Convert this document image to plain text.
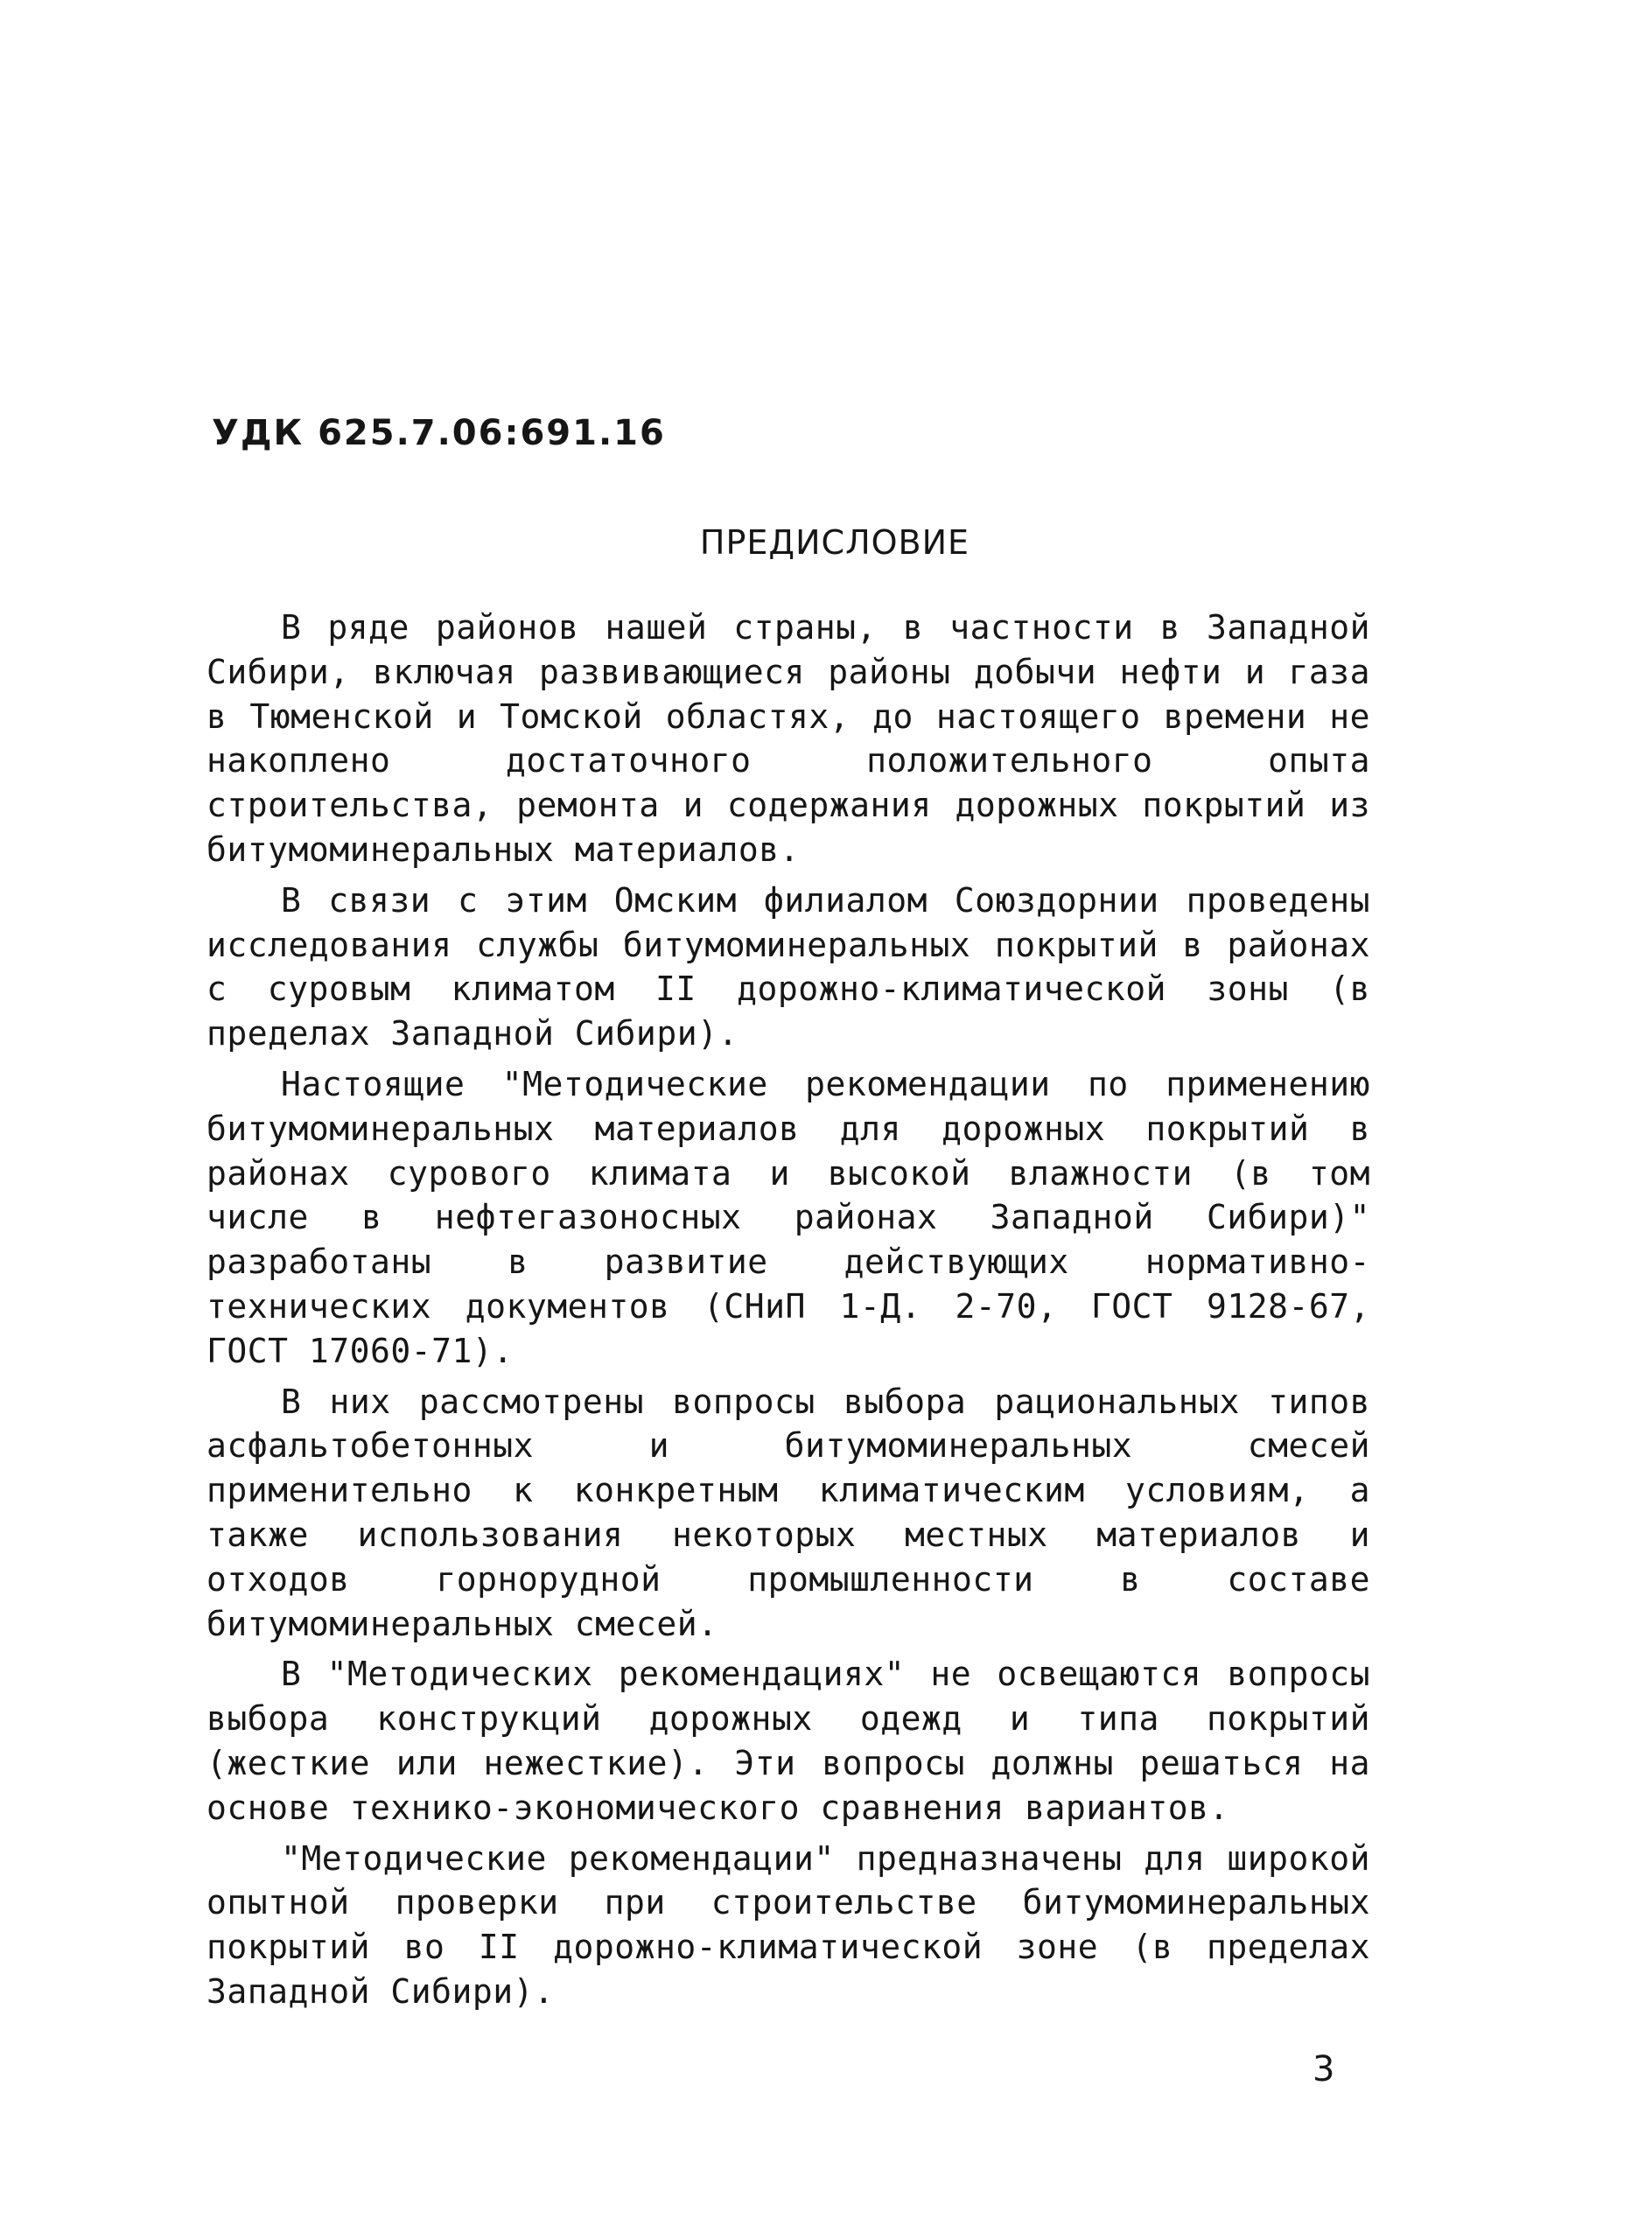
УДК 625.7.06:691.16

ПРЕДИСЛОВИЕ

В ряде районов нашей страны, в частности в Западной Сибири, включая развивающиеся районы добычи нефти и газа в Тюменской и Томской областях, до настоящего времени не накоплено достаточного положительного опыта строительства, ремонта и содержания дорожных покрытий из битумоминеральных материалов.

В связи с этим Омским филиалом Союздорнии проведены исследования службы битумоминеральных покрытий в районах с суровым климатом II дорожно-климатической зоны (в пределах Западной Сибири).

Настоящие "Методические рекомендации по применению битумоминеральных материалов для дорожных покрытий в районах сурового климата и высокой влажности (в том числе в нефтегазоносных районах Западной Сибири)" разработаны в развитие действующих нормативно-технических документов (СНиП 1-Д. 2-70, ГОСТ 9128-67, ГОСТ 17060-71).

В них рассмотрены вопросы выбора рациональных типов асфальтобетонных и битумоминеральных смесей применительно к конкретным климатическим условиям, а также использования некоторых местных материалов и отходов горнорудной промышленности в составе битумоминеральных смесей.

В "Методических рекомендациях" не освещаются вопросы выбора конструкций дорожных одежд и типа покрытий (жесткие или нежесткие). Эти вопросы должны решаться на основе технико-экономического сравнения вариантов.

"Методические рекомендации" предназначены для широкой опытной проверки при строительстве битумоминеральных покрытий во II дорожно-климатической зоне (в пределах Западной Сибири).

3
